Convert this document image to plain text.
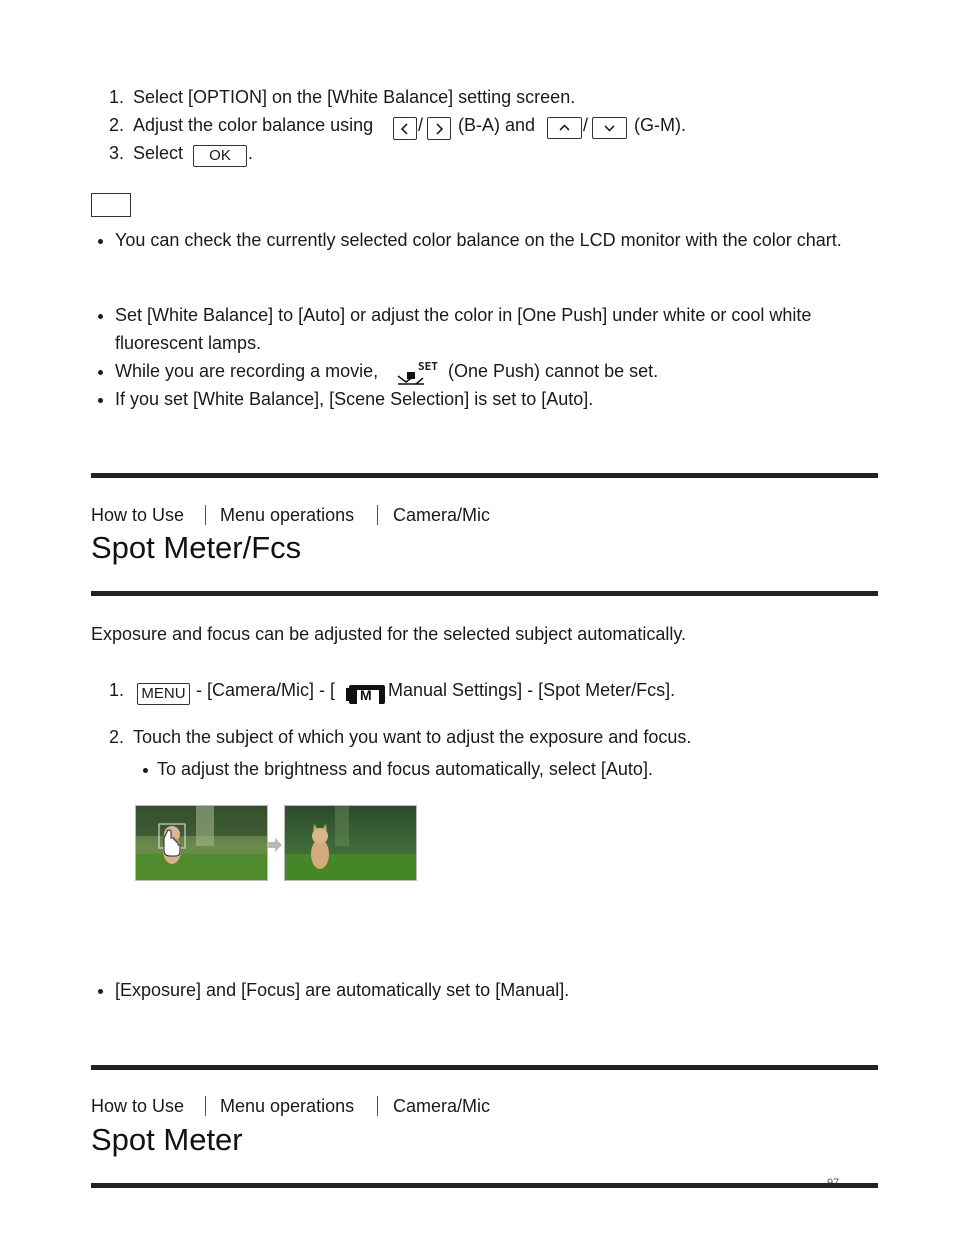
1. Select [OPTION] on the [White Balance] setting screen.
2. Adjust the color balance using / (B-A) and	/	(G-M).
3. Select	OK .
You can check the currently selected color balance on the LCD monitor with the color chart.
Set [White Balance] to [Auto] or adjust the color in [One Push] under white or cool white
fluorescent lamps.
While you are recording a movie,	SET (One Push) cannot be set.
If you set [White Balance], [Scene Selection] is set to [Auto].
How to Use Menu operations Camera/Mic
Spot Meter/Fcs
Exposure and focus can be adjusted for the selected subject automatically.
1. MENU - [Camera/Mic] - [ M Manual Settings] - [Spot Meter/Fcs].
2. Touch the subject of which you want to adjust the exposure and focus.
To adjust the brightness and focus automatically, select [Auto].
[Exposure] and [Focus] are automatically set to [Manual].
How to Use Menu operations Camera/Mic
Spot Meter
